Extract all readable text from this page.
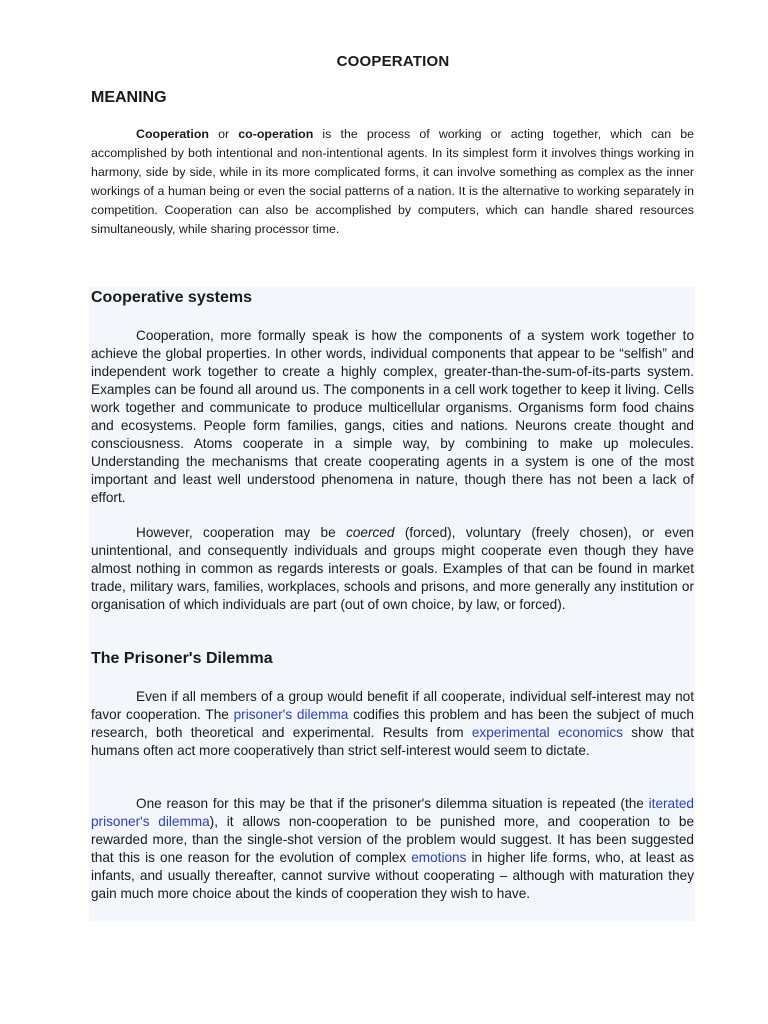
COOPERATION
MEANING

Cooperation or co-operation is the process of working or acting together, which can be accomplished by both intentional and non-intentional agents. In its simplest form it involves things working in harmony, side by side, while in its more complicated forms, it can involve something as complex as the inner workings of a human being or even the social patterns of a nation. It is the alternative to working separately in competition. Cooperation can also be accomplished by computers, which can handle shared resources simultaneously, while sharing processor time.

Cooperative systems

Cooperation, more formally speak is how the components of a system work together to achieve the global properties. In other words, individual components that appear to be “selfish” and independent work together to create a highly complex, greater-than-the-sum-of-its-parts system. Examples can be found all around us. The components in a cell work together to keep it living. Cells work together and communicate to produce multicellular organisms. Organisms form food chains and ecosystems. People form families, gangs, cities and nations. Neurons create thought and consciousness. Atoms cooperate in a simple way, by combining to make up molecules. Understanding the mechanisms that create cooperating agents in a system is one of the most important and least well understood phenomena in nature, though there has not been a lack of effort.

However, cooperation may be coerced (forced), voluntary (freely chosen), or even unintentional, and consequently individuals and groups might cooperate even though they have almost nothing in common as regards interests or goals. Examples of that can be found in market trade, military wars, families, workplaces, schools and prisons, and more generally any institution or organisation of which individuals are part (out of own choice, by law, or forced).

The Prisoner's Dilemma

Even if all members of a group would benefit if all cooperate, individual self-interest may not favor cooperation. The prisoner's dilemma codifies this problem and has been the subject of much research, both theoretical and experimental. Results from experimental economics show that humans often act more cooperatively than strict self-interest would seem to dictate.

One reason for this may be that if the prisoner's dilemma situation is repeated (the iterated prisoner's dilemma), it allows non-cooperation to be punished more, and cooperation to be rewarded more, than the single-shot version of the problem would suggest. It has been suggested that this is one reason for the evolution of complex emotions in higher life forms, who, at least as infants, and usually thereafter, cannot survive without cooperating – although with maturation they gain much more choice about the kinds of cooperation they wish to have.
